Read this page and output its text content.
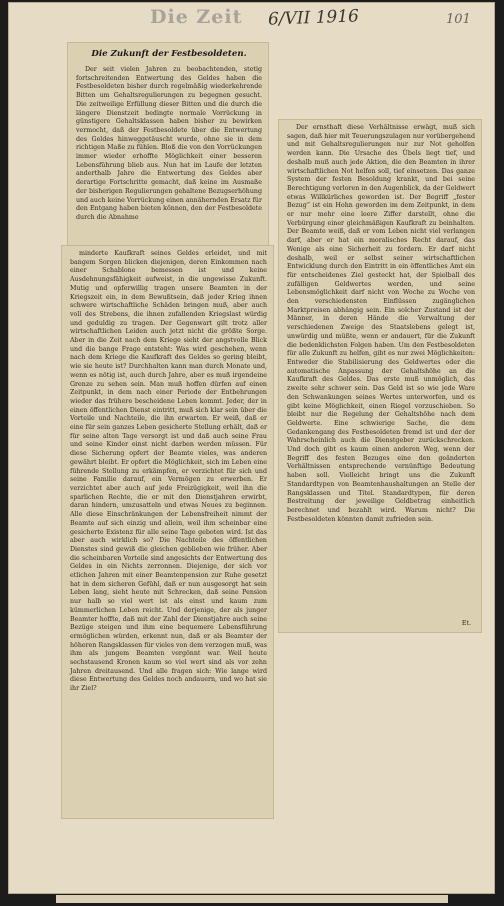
Die Zeit 6/VII 1916	101
Die Zukunft der Festbesoldeten.

Der seit vielen Jahren zu beobachtenden, stetig fortschreitenden Entwertung des Geldes haben die Festbesoldeten bisher durch regelmäßig wiederkehrende Bitten um Gehaltsregulierungen zu begegnen gesucht. Die zeitweilige Erfüllung dieser Bitten und die durch die längere Dienstzeit bedingte normale Vorrückung in günstigere Gehaltsklassen haben bisher zu bewirken vermocht, daß der Festbesoldete über die Entwertung des Geldes hinweggetäuscht wurde, ohne sie in dem richtigen Maße zu fühlen. Bloß die von den Vorrückungen immer wieder erhoffte Möglichkeit einer besseren Lebensführung blieb aus. Nun hat im Laufe der letzten anderthalb Jahre die Entwertung des Geldes aber derartige Fortschritte gemacht, daß keine im Ausmaße der bisherigen Regulierungen gehaltene Bezugserhöhung und auch keine Vorrückung einen annähernden Ersatz für den Entgang haben bieten können, den der Festbesoldete durch die Abnahme

minderte Kaufkraft seines Geldes erleidet, und mit bangem Sorgen blicken diejenigen, deren Einkommen nach einer Schablone bemessen ist und keine Ausdehnungsfähigkeit aufweist, in die ungewisse Zukunft. Mutig und opferwillig tragen unsere Beamten in der Kriegszeit ein, in dem Bewußtsein, daß jeder Krieg ihnen schwere wirtschaftliche Schäden bringen muß, aber auch voll des Strebens, die ihnen zufallenden Kriegslast würdig und geduldig zu tragen. Der Gegenwart gilt trotz aller wirtschaftlichen Leiden auch jetzt nicht die größte Sorge. Aber in die Zeit nach dem Kriege sieht der angstvolle Blick und die bange Frage entsteht: Was wird geschehen, wenn nach dem Kriege die Kaufkraft des Geldes so gering bleibt, wie sie heute ist? Durchhalten kann man durch Monate und, wenn es nötig ist, auch durch Jahre, aber es muß irgendeine Grenze zu sehen sein. Man muß hoffen dürfen auf einen Zeitpunkt, in dem nach einer Periode der Entbehrungen wieder das frühere bescheidene Leben kommt. Jeder, der in einen öffentlichen Dienst eintritt, muß sich klar sein über die Vorteile und Nachteile, die ihn erwarten. Er weiß, daß er eine für sein ganzes Leben gesicherte Stellung erhält, daß er für seine alten Tage versorgt ist und daß auch seine Frau und seine Kinder einst nicht darben werden müssen. Für diese Sicherung opfert der Beamte vieles, was anderen gewährt bleibt. Er opfert die Möglichkeit, sich im Leben eine führende Stellung zu erkämpfen, er verzichtet für sich und seine Familie darauf, ein Vermögen zu erwerben. Er verzichtet aber auch auf jede Freizügigkeit, weil ihn die sparlichen Rechte, die er mit den Dienstjahren erwirbt, daran hindern, umzusatteln und etwas Neues zu beginnen. Alle diese Einschränkungen der Lebensfreiheit nimmt der Beamte auf sich einzig und allein, weil ihm scheinbar eine gesicherte Existenz für alle seine Tage geboten wird. Ist das aber auch wirklich so? Die Nachteile des öffentlichen Dienstes sind gewiß die gleichen geblieben wie früher. Aber die scheinbaren Vorteile sind angesichts der Entwertung des Geldes in ein Nichts zerronnen. Diejenige, der sich vor etlichen Jahren mit einer Beamtenpension zur Ruhe gesetzt hat in dem sicheren Gefühl, daß er nun ausgesorgt hat sein Leben lang, sieht heute mit Schrecken, daß seine Pension nur halb so viel wert ist als einst und kaum zum kümmerlichen Leben reicht. Und derjenige, der als junger Beamter hoffte, daß mit der Zahl der Dienstjahre auch seine Bezüge steigen und ihm eine bequemere Lebensführung ermöglichen würden, erkennt nun, daß er als Beamter der höheren Rangsklassen für vieles von dem verzogen muß, was ihm als jungem Beamten vergönnt war. Weil heute sechstausend Kronen kaum so viel wert sind als vor zehn Jahren dreitausend. Und alle fragen sich: Wie lange wird diese Entwertung des Geldes noch andauern, und wo hat sie ihr Ziel?

Der ernsthaft diese Verhältnisse erwägt, muß sich sagen, daß hier mit Teuerungszulagen nur vorübergehend und mit Gehaltsregulierungen nur zur Not geholfen werden kann. Die Ursache des Übels liegt tief, und deshalb muß auch jede Aktion, die den Beamten in ihrer wirtschaftlichen Not helfen soll, tief einsetzen. Das ganze System der festen Besoldung krankt, und bei seine Berechtigung verloren in den Augenblick, da der Geldwert etwas Willkürliches geworden ist. Der Begriff „fester Bezug“ ist ein Hohn geworden im dem Zeitpunkt, in dem er nur mehr eine leere Ziffer darstellt, ohne die Verbürgung einer gleichmäßigen Kaufkraft zu beinhalten. Der Beamte weiß, daß er vom Leben nicht viel verlangen darf, aber er hat ein moralisches Recht darauf, das Wenige als eine Sicherheit zu fordern. Er darf nicht deshalb, weil er selbst seiner wirtschaftlichen Entwicklung durch den Eintritt in ein öffentliches Amt ein für entscheidenes Ziel gesteckt hat, der Spielball des zufälligen Geldwertes werden, und seine Lebensmöglichkeit darf nicht von Woche zu Woche von den verschiedensten Einflüssen zugänglichen Marktpreisen abhängig sein. Ein solcher Zustand ist der Männer, in deren Hände die Verwaltung der verschiedenen Zweige des Staatslebens gelegt ist, unwürdig und müßte, wenn er andauert, für die Zukunft die bedenklichsten Folgen haben. Um den Festbesoldeten für alle Zukunft zu helfen, gibt es nur zwei Möglichkeiten: Entweder die Stabilisierung des Geldwertes oder die automatische Anpassung der Gehaltshöhe an die Kaufkraft des Geldes. Das erste muß unmöglich, das zweite sehr schwer sein. Das Geld ist so wie jede Ware den Schwankungen seines Wertes unterworfen, und es gibt keine Möglichkeit, einen Riegel vorzuschieben. So bleibt nur die Regelung der Gehaltshöhe nach dem Geldwerte. Eine schwierige Sache, die dem Gedankengang des Festbesoldeten fremd ist und der der Wahrscheinlich auch die Dienstgeber zurückschrecken. Und doch gibt es kaum einen anderen Weg, wenn der Begriff des festen Bezuges eine den geänderten Verhältnissen entsprechende vernünftige Bedeutung haben soll. Vielleicht bringt uns die Zukunft Standardtypen von Beamtenhaushaltungen an Stelle der Rangsklassen und Titel. Standardtypen, für deren Bestreitung der jeweilige Geldbetrag einheitlich berechnet und bezahlt wird. Warum nicht? Die Festbesoldeten könnten damit zufrieden sein.

Et.
